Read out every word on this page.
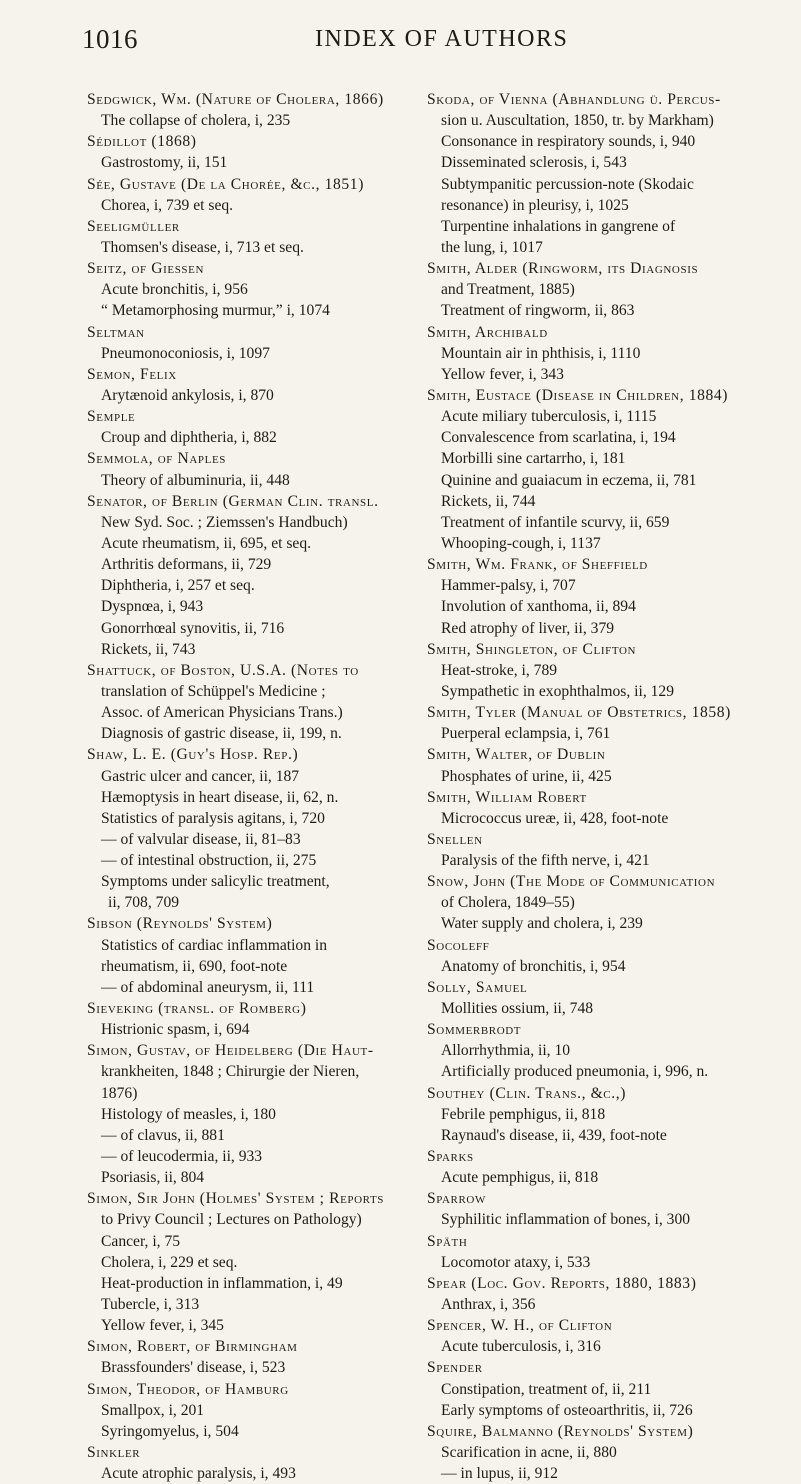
1016	INDEX OF AUTHORS
Sedgwick, Wm. (Nature of Cholera, 1866)
The collapse of cholera, i, 235
Sédillot (1868)
Gastrostomy, ii, 151
Sée, Gustave (De la Chorée, &c., 1851)
Chorea, i, 739 et seq.
Seeligmüller
Thomsen's disease, i, 713 et seq.
Seitz, of Giessen
Acute bronchitis, i, 956
“ Metamorphosing murmur,” i, 1074
Seltman
Pneumonoconiosis, i, 1097
Semon, Felix
Arytænoid ankylosis, i, 870
Semple
Croup and diphtheria, i, 882
Semmola, of Naples
Theory of albuminuria, ii, 448
Senator, of Berlin (German Clin. transl.
New Syd. Soc. ; Ziemssen's Handbuch)
Acute rheumatism, ii, 695, et seq.
Arthritis deformans, ii, 729
Diphtheria, i, 257 et seq.
Dyspnœa, i, 943
Gonorrhœal synovitis, ii, 716
Rickets, ii, 743
Shattuck, of Boston, U.S.A. (Notes to
translation of Schüppel's Medicine ;
Assoc. of American Physicians Trans.)
Diagnosis of gastric disease, ii, 199, n.
Shaw, L. E. (Guy's Hosp. Rep.)
Gastric ulcer and cancer, ii, 187
Hæmoptysis in heart disease, ii, 62, n.
Statistics of paralysis agitans, i, 720
— of valvular disease, ii, 81–83
— of intestinal obstruction, ii, 275
Symptoms under salicylic treatment,
ii, 708, 709
Sibson (Reynolds' System)
Statistics of cardiac inflammation in
rheumatism, ii, 690, foot-note
— of abdominal aneurysm, ii, 111
Sieveking (transl. of Romberg)
Histrionic spasm, i, 694
Simon, Gustav, of Heidelberg (Die Haut-
krankheiten, 1848 ; Chirurgie der Nieren,
1876)
Histology of measles, i, 180
— of clavus, ii, 881
— of leucodermia, ii, 933
Psoriasis, ii, 804
Simon, Sir John (Holmes' System ; Reports
to Privy Council ; Lectures on Pathology)
Cancer, i, 75
Cholera, i, 229 et seq.
Heat-production in inflammation, i, 49
Tubercle, i, 313
Yellow fever, i, 345
Simon, Robert, of Birmingham
Brassfounders' disease, i, 523
Simon, Theodor, of Hamburg
Smallpox, i, 201
Syringomyelus, i, 504
Sinkler
Acute atrophic paralysis, i, 493
Skoda, of Vienna (Abhandlung ü. Percus-
sion u. Auscultation, 1850, tr. by Markham)
Consonance in respiratory sounds, i, 940
Disseminated sclerosis, i, 543
Subtympanitic percussion-note (Skodaic
resonance) in pleurisy, i, 1025
Turpentine inhalations in gangrene of
the lung, i, 1017
Smith, Alder (Ringworm, its Diagnosis
and Treatment, 1885)
Treatment of ringworm, ii, 863
Smith, Archibald
Mountain air in phthisis, i, 1110
Yellow fever, i, 343
Smith, Eustace (Disease in Children, 1884)
Acute miliary tuberculosis, i, 1115
Convalescence from scarlatina, i, 194
Morbilli sine cartarrho, i, 181
Quinine and guaiacum in eczema, ii, 781
Rickets, ii, 744
Treatment of infantile scurvy, ii, 659
Whooping-cough, i, 1137
Smith, Wm. Frank, of Sheffield
Hammer-palsy, i, 707
Involution of xanthoma, ii, 894
Red atrophy of liver, ii, 379
Smith, Shingleton, of Clifton
Heat-stroke, i, 789
Sympathetic in exophthalmos, ii, 129
Smith, Tyler (Manual of Obstetrics, 1858)
Puerperal eclampsia, i, 761
Smith, Walter, of Dublin
Phosphates of urine, ii, 425
Smith, William Robert
Micrococcus ureæ, ii, 428, foot-note
Snellen
Paralysis of the fifth nerve, i, 421
Snow, John (The Mode of Communication
of Cholera, 1849–55)
Water supply and cholera, i, 239
Socoleff
Anatomy of bronchitis, i, 954
Solly, Samuel
Mollities ossium, ii, 748
Sommerbrodt
Allorrhythmia, ii, 10
Artificially produced pneumonia, i, 996, n.
Southey (Clin. Trans., &c.,)
Febrile pemphigus, ii, 818
Raynaud's disease, ii, 439, foot-note
Sparks
Acute pemphigus, ii, 818
Sparrow
Syphilitic inflammation of bones, i, 300
Späth
Locomotor ataxy, i, 533
Spear (Loc. Gov. Reports, 1880, 1883)
Anthrax, i, 356
Spencer, W. H., of Clifton
Acute tuberculosis, i, 316
Spender
Constipation, treatment of, ii, 211
Early symptoms of osteoarthritis, ii, 726
Squire, Balmanno (Reynolds' System)
Scarification in acne, ii, 880
— in lupus, ii, 912
